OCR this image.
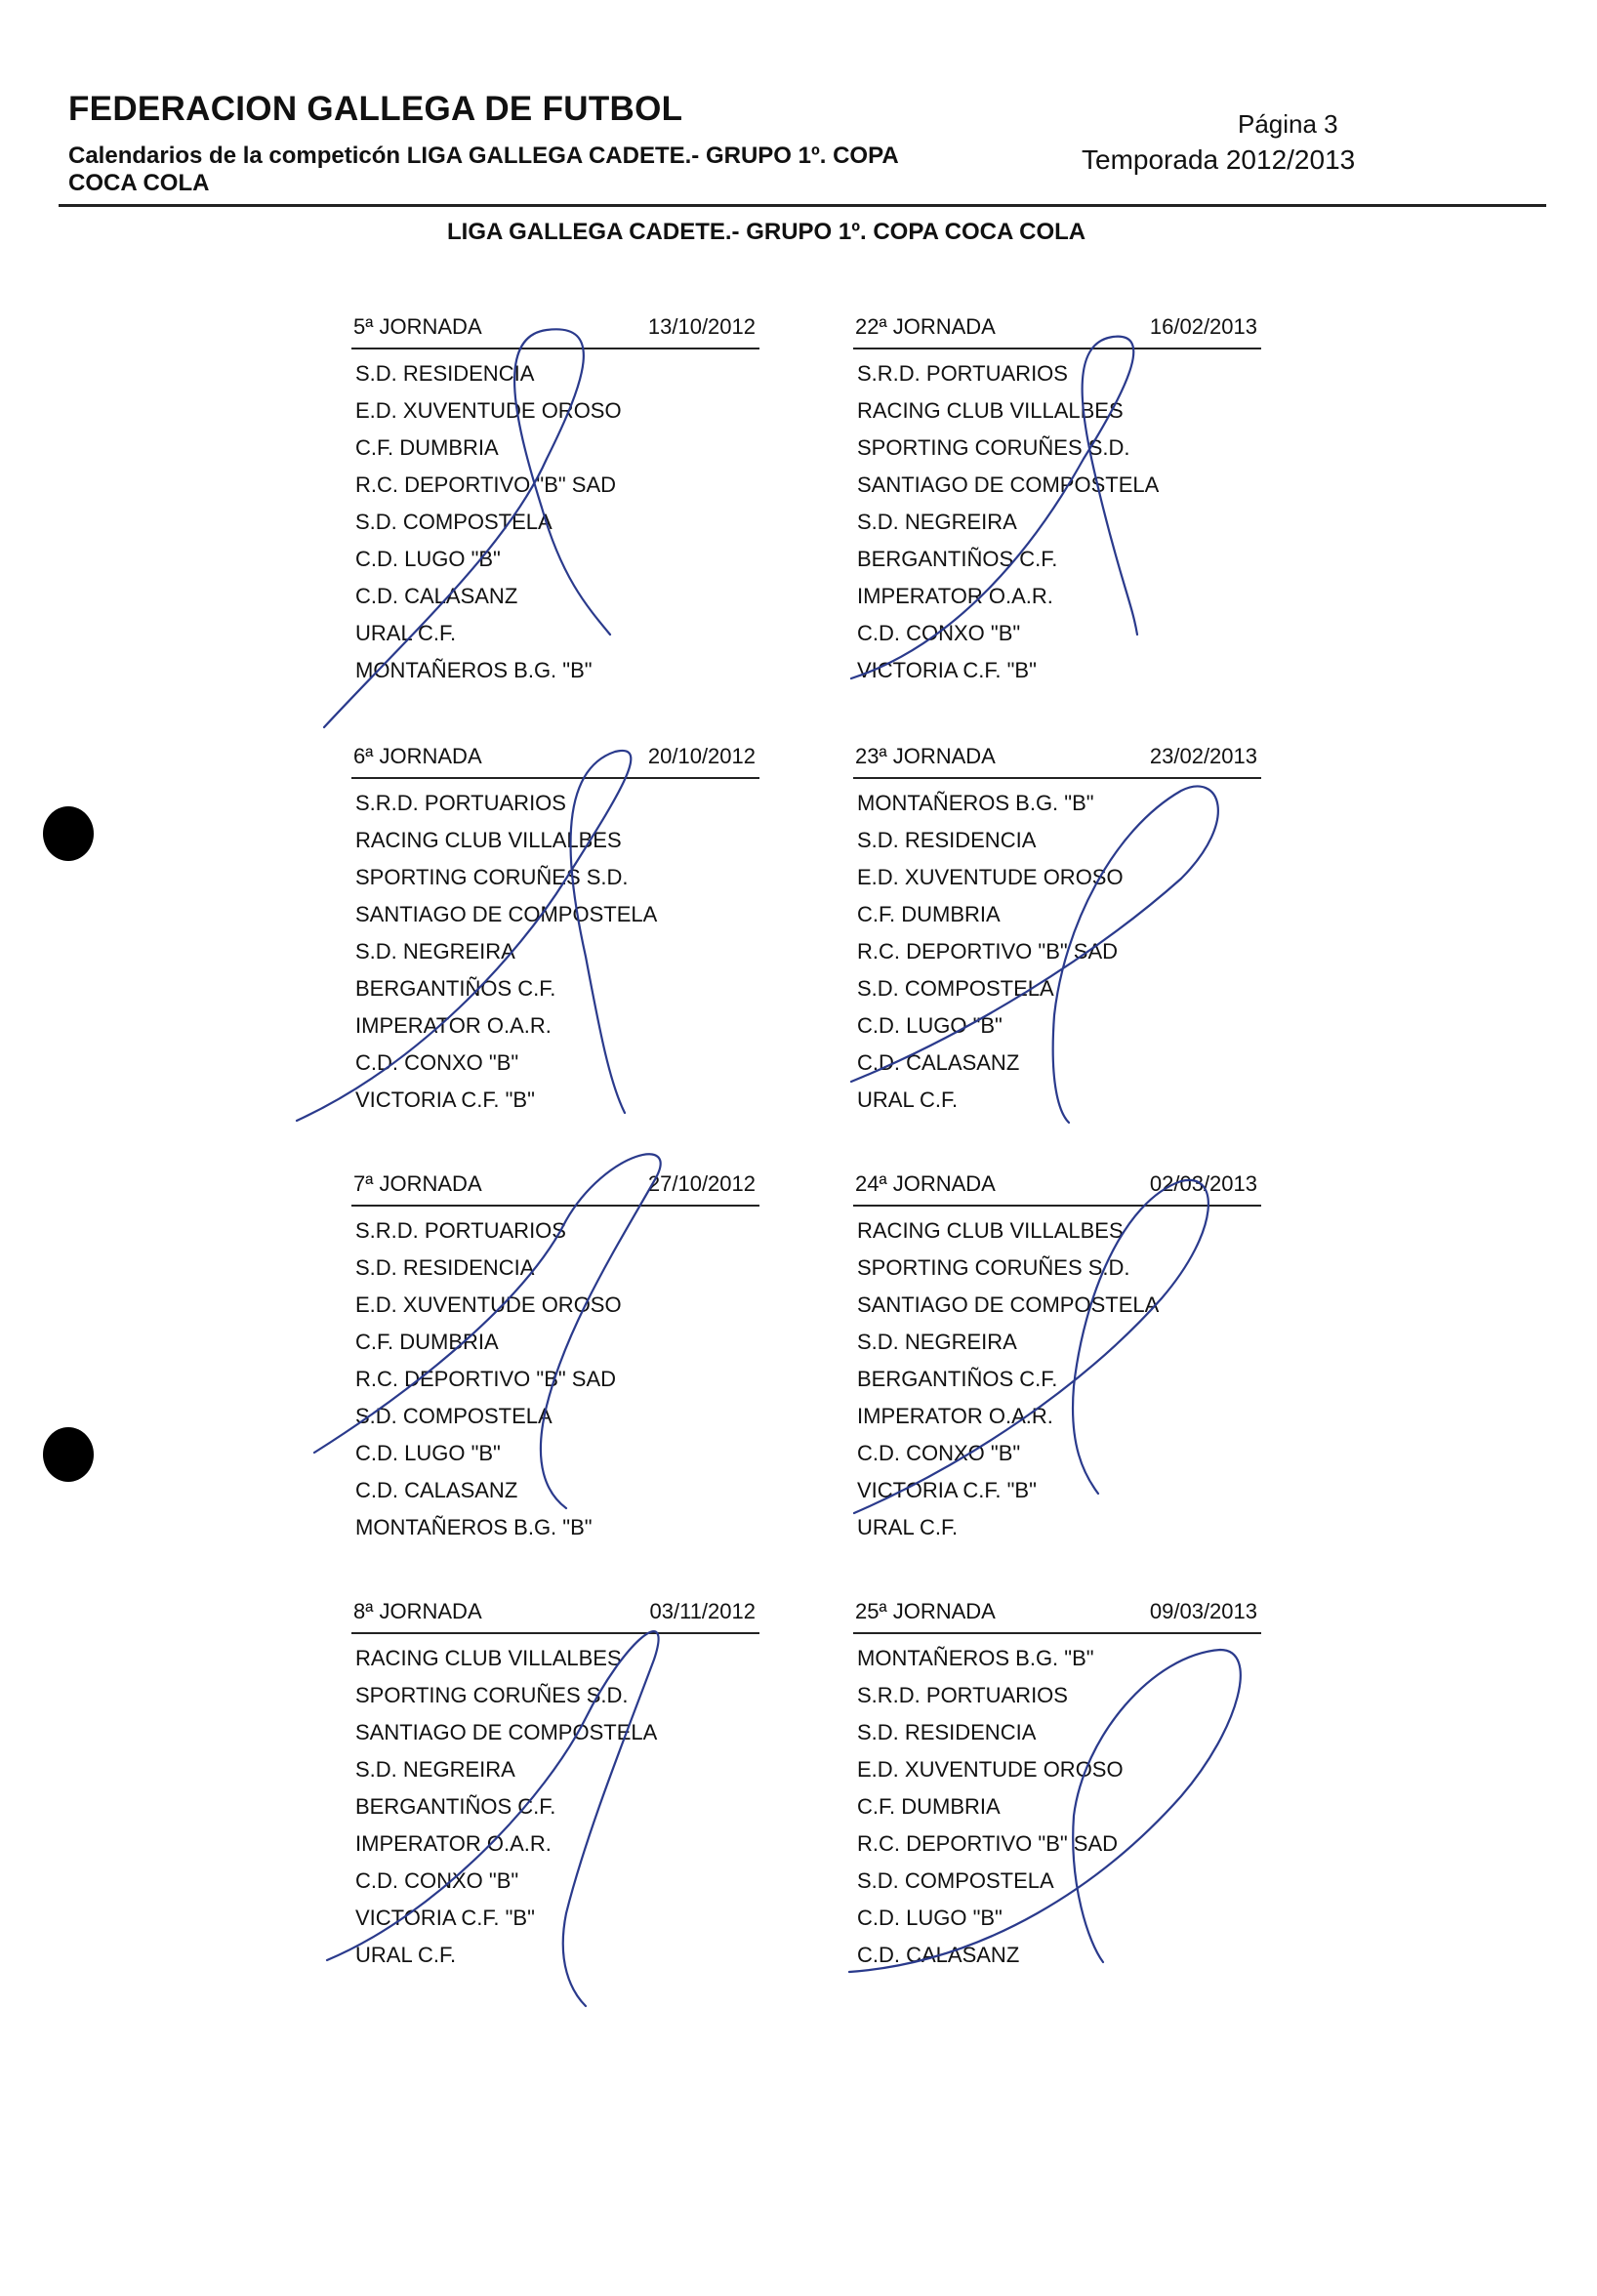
FEDERACION GALLEGA DE FUTBOL
Calendarios de la competicón LIGA GALLEGA CADETE.- GRUPO 1º. COPA COCA COLA
Página 3
Temporada 2012/2013
LIGA GALLEGA CADETE.- GRUPO 1º. COPA COCA COLA
5ª JORNADA	13/10/2012
S.D. RESIDENCIA
E.D. XUVENTUDE OROSO
C.F. DUMBRIA
R.C. DEPORTIVO "B" SAD
S.D. COMPOSTELA
C.D. LUGO "B"
C.D. CALASANZ
URAL C.F.
MONTAÑEROS B.G. "B"
22ª JORNADA	16/02/2013
S.R.D. PORTUARIOS
RACING CLUB VILLALBES
SPORTING CORUÑES S.D.
SANTIAGO DE COMPOSTELA
S.D. NEGREIRA
BERGANTIÑOS C.F.
IMPERATOR O.A.R.
C.D. CONXO "B"
VICTORIA C.F. "B"
6ª JORNADA	20/10/2012
S.R.D. PORTUARIOS
RACING CLUB VILLALBES
SPORTING CORUÑES S.D.
SANTIAGO DE COMPOSTELA
S.D. NEGREIRA
BERGANTIÑOS C.F.
IMPERATOR O.A.R.
C.D. CONXO "B"
VICTORIA C.F. "B"
23ª JORNADA	23/02/2013
MONTAÑEROS B.G. "B"
S.D. RESIDENCIA
E.D. XUVENTUDE OROSO
C.F. DUMBRIA
R.C. DEPORTIVO "B" SAD
S.D. COMPOSTELA
C.D. LUGO "B"
C.D. CALASANZ
URAL C.F.
7ª JORNADA	27/10/2012
S.R.D. PORTUARIOS
S.D. RESIDENCIA
E.D. XUVENTUDE OROSO
C.F. DUMBRIA
R.C. DEPORTIVO "B" SAD
S.D. COMPOSTELA
C.D. LUGO "B"
C.D. CALASANZ
MONTAÑEROS B.G. "B"
24ª JORNADA	02/03/2013
RACING CLUB VILLALBES
SPORTING CORUÑES S.D.
SANTIAGO DE COMPOSTELA
S.D. NEGREIRA
BERGANTIÑOS C.F.
IMPERATOR O.A.R.
C.D. CONXO "B"
VICTORIA C.F. "B"
URAL C.F.
8ª JORNADA	03/11/2012
RACING CLUB VILLALBES
SPORTING CORUÑES S.D.
SANTIAGO DE COMPOSTELA
S.D. NEGREIRA
BERGANTIÑOS C.F.
IMPERATOR O.A.R.
C.D. CONXO "B"
VICTORIA C.F. "B"
URAL C.F.
25ª JORNADA	09/03/2013
MONTAÑEROS B.G. "B"
S.R.D. PORTUARIOS
S.D. RESIDENCIA
E.D. XUVENTUDE OROSO
C.F. DUMBRIA
R.C. DEPORTIVO "B" SAD
S.D. COMPOSTELA
C.D. LUGO "B"
C.D. CALASANZ
